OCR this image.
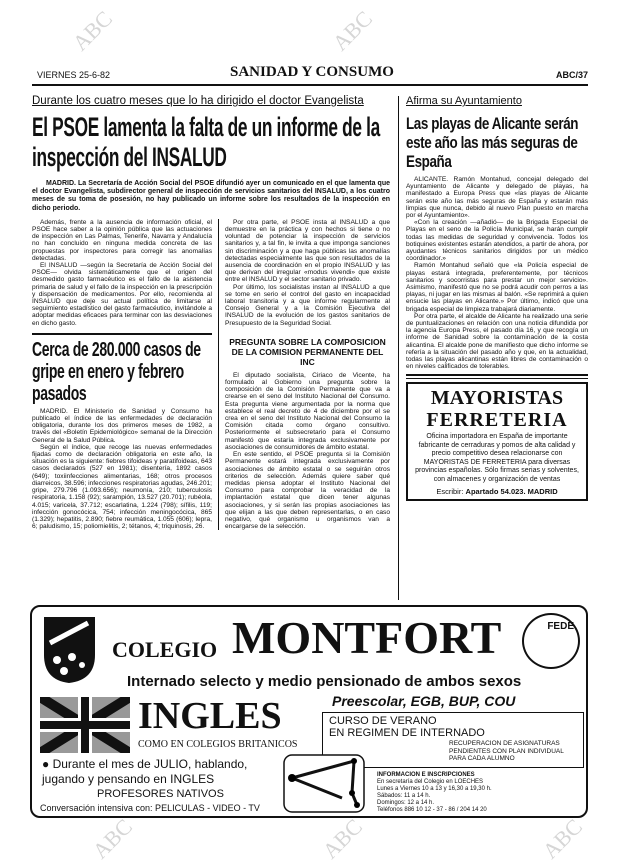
ABC	ABC
ABC	ABC	ABC
VIERNES 25-6-82	SANIDAD Y CONSUMO	ABC/37
Durante los cuatro meses que lo ha dirigido el doctor Evangelista
El PSOE lamenta la falta de un informe de la inspección del INSALUD
MADRID. La Secretaría de Acción Social del PSOE difundió ayer un comunicado en el que lamenta que el doctor Evangelista, subdirector general de inspección de servicios sanitarios del INSALUD, a los cuatro meses de su toma de posesión, no hay publicado un informe sobre los resultados de la inspección en dicho periodo.

Además, frente a la ausencia de información oficial, el PSOE hace saber a la opinión pública que las actuaciones de inspección en Las Palmas, Tenerife, Navarra y Andalucía no han concluido en ninguna medida concreta de las propuestas por inspectores para corregir las anomalías detectadas.

El INSALUD —según la Secretaría de Acción Social del PSOE— olvida sistemáticamente que el origen del desmedido gasto farmacéutico es el fallo de la asistencia primaria de salud y el fallo de la inspección en la prescripción y dispensación de medicamentos. Por ello, recomienda al INSALUD que deje su actual política de limitarse al seguimiento estadístico del gasto farmacéutico, invitándole a adoptar medidas eficaces para terminar con las desviaciones en dicho gasto.

Cerca de 280.000 casos de gripe en enero y febrero pasados

MADRID. El Ministerio de Sanidad y Consumo ha publicado el índice de las enfermedades de declaración obligatoria, durante los dos primeros meses de 1982, a través del «Boletín Epidemiológico» semanal de la Dirección General de la Salud Pública.

Según el índice, que recoge las nuevas enfermedades fijadas como de declaración obligatoria en este año, la situación es la siguiente: fiebres tifoideas y paratifoideas, 643 casos declarados (527 en 1981); disentería, 1892 casos (649); toxiinfecciones alimentarias, 168; otros procesos diarreicos, 38.596; infecciones respiratorias agudas, 246.201; gripe, 279.796 (1.093.656); neumonía, 210; tuberculosis respiratoria, 1.158 (92); sarampión, 13.527 (20.701); rubéola, 4.015; varicela, 37.712; escarlatina, 1.224 (798); sífilis, 119; infección gonocócica, 754; infección meningocócica, 865 (1.329); hepatitis, 2.890; fiebre reumática, 1.055 (606); lepra, 6; paludismo, 15; poliomielitis, 2; tétanos, 4; triquinosis, 26.

Por otra parte, el PSOE insta al INSALUD a que demuestre en la práctica y con hechos si tiene o no voluntad de potenciar la inspección de servicios sanitarios y, a tal fin, le invita a que imponga sanciones sin discriminación y a que haga públicas las anomalías detectadas especialmente las que son resultados de la ausencia de coordinación en el propio INSALUD y las que derivan del irregular «modus vivendi» que existe entre el INSALUD y el sector sanitario privado.

Por último, los socialistas instan al INSALUD a que se tome en serio el control del gasto en incapacidad laboral transitoria y a que informe regularmente al Consejo General y a la Comisión Ejecutiva del INSALUD de la evolución de los gastos sanitarios de Presupuesto de la Seguridad Social.

PREGUNTA SOBRE LA COMPOSICION DE LA COMISION PERMANENTE DEL INC

El diputado socialista, Ciriaco de Vicente, ha formulado al Gobierno una pregunta sobre la composición de la Comisión Permanente que va a crearse en el seno del Instituto Nacional del Consumo. Esta pregunta viene argumentada por la norma que establece el real decreto de 4 de diciembre por el se crea en el seno del Instituto Nacional del Consumo la Comisión citada como órgano consultivo. Posteriormente el subsecretario para el Consumo manifestó que estaría integrada exclusivamente por asociaciones de consumidores de ámbito estatal.

En este sentido, el PSOE pregunta si la Comisión Permanente estará integrada exclusivamente por asociaciones de ámbito estatal o se seguirán otros criterios de selección. Además quiere saber qué medidas piensa adoptar el Instituto Nacional del Consumo para comprobar la veracidad de la implantación estatal que dicen tener algunas asociaciones, y si serán las propias asociaciones las que elijan a las que deben representarlas, o en caso negativo, qué organismo u organismos van a encargarse de la selección.

Afirma su Ayuntamiento
Las playas de Alicante serán este año las más seguras de España

ALICANTE. Ramón Montahud, concejal delegado del Ayuntamiento de Alicante y delegado de playas, ha manifestado a Europa Press que «las playas de Alicante serán este año las más seguras de España y estarán más limpias que nunca, debido al nuevo Plan puesto en marcha por el Ayuntamiento».

«Con la creación —añadió— de la Brigada Especial de Playas en el seno de la Policía Municipal, se harán cumplir todas las medidas de seguridad y convivencia. Todos los botiquines existentes estarán atendidos, a partir de ahora, por ayudantes técnicos sanitarios dirigidos por un médico coordinador.»

Ramón Montahud señaló que «la Policía especial de playas estará integrada, preferentemente, por técnicos sanitarios y socorristas para prestar un mejor servicio». Asimismo, manifestó que no se podrá acudir con perros a las playas, ni jugar en las mismas al balón. «Se reprimirá a quien ensucie las playas en Alicante.» Por último, indicó que una brigada especial de limpieza trabajará diariamente.

Por otra parte, el alcalde de Alicante ha realizado una serie de puntualizaciones en relación con una noticia difundida por la agencia Europa Press, el pasado día 16, y que recogía un informe de Sanidad sobre la contaminación de la costa alicantina. El alcalde pone de manifiesto que dicho informe se refería a la situación del pasado año y que, en la actualidad, todas las playas alicantinas están libres de contaminación o en niveles calificados de tolerables.

MAYORISTAS
FERRETERIA
Oficina importadora en España de importante fabricante de cerraduras y pomos de alta calidad y precio competitivo desea relacionarse con MAYORISTAS DE FERRETERIA para diversas provincias españolas. Sólo firmas serias y solventes, con almacenes y organización de ventas
Escribir: Apartado 54.023. MADRID
COLEGIO MONTFORT	FEDE
Internado selecto y medio pensionado de ambos sexos
INGLES
COMO EN COLEGIOS BRITANICOS
● Durante el mes de JULIO, hablando,
jugando y pensando en INGLES
PROFESORES NATIVOS
Conversación intensiva con: PELICULAS - VIDEO - TV
Preescolar, EGB, BUP, COU
CURSO DE VERANO
EN REGIMEN DE INTERNADO
RECUPERACION DE ASIGNATURAS
PENDIENTES CON PLAN INDIVIDUAL
PARA CADA ALUMNO
INFORMACION E INSCRIPCIONES
En secretaría del Colegio en LOECHES
Lunes a Viernes 10 a 13 y 16,30 a 19,30 h.
Sábados: 11 a 14 h.
Domingos: 12 a 14 h.
Teléfonos 886 10 12 - 37 - 86 / 204 14 20
